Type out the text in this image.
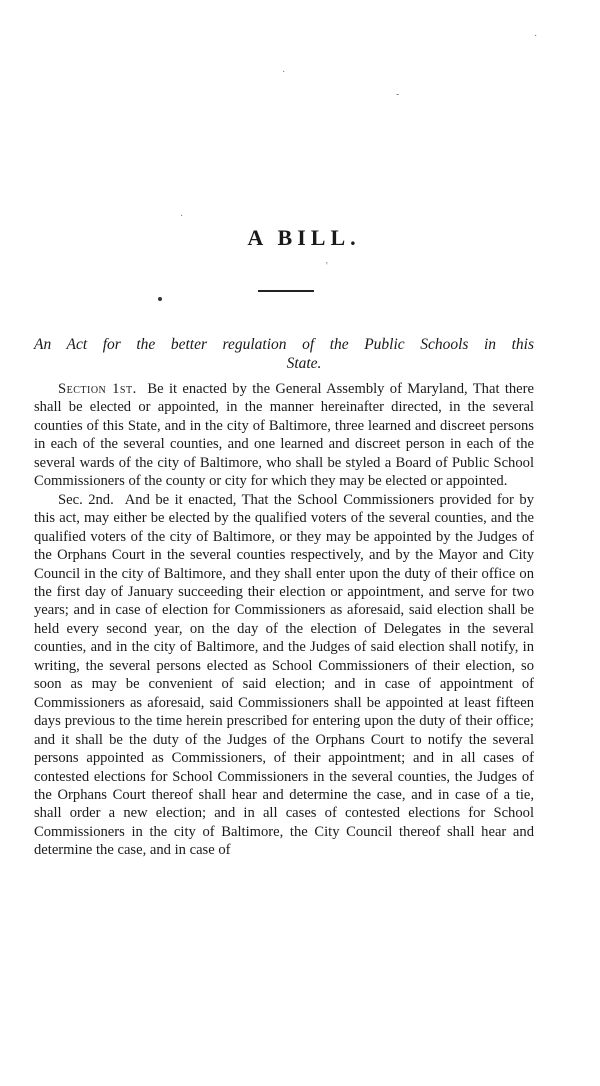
·
·
-
·
A BILL.
'
An Act for the better regulation of the Public Schools in this
State.

Section 1st. Be it enacted by the General Assembly of Maryland, That there shall be elected or appointed, in the manner hereinafter directed, in the several counties of this State, and in the city of Baltimore, three learned and discreet persons in each of the several counties, and one learned and discreet person in each of the several wards of the city of Baltimore, who shall be styled a Board of Public School Commissioners of the county or city for which they may be elected or appointed.

Sec. 2nd. And be it enacted, That the School Commissioners provided for by this act, may either be elected by the qualified voters of the several counties, and the qualified voters of the city of Baltimore, or they may be appointed by the Judges of the Orphans Court in the several counties respectively, and by the Mayor and City Council in the city of Baltimore, and they shall enter upon the duty of their office on the first day of January succeeding their election or appointment, and serve for two years; and in case of election for Commissioners as aforesaid, said election shall be held every second year, on the day of the election of Delegates in the several counties, and in the city of Baltimore, and the Judges of said election shall notify, in writing, the several persons elected as School Commissioners of their election, so soon as may be convenient of said election; and in case of appointment of Commissioners as aforesaid, said Commissioners shall be appointed at least fifteen days previous to the time herein prescribed for entering upon the duty of their office; and it shall be the duty of the Judges of the Orphans Court to notify the several persons appointed as Commissioners, of their appointment; and in all cases of contested elections for School Commissioners in the several counties, the Judges of the Orphans Court thereof shall hear and determine the case, and in case of a tie, shall order a new election; and in all cases of contested elections for School Commissioners in the city of Baltimore, the City Council thereof shall hear and determine the case, and in case of
